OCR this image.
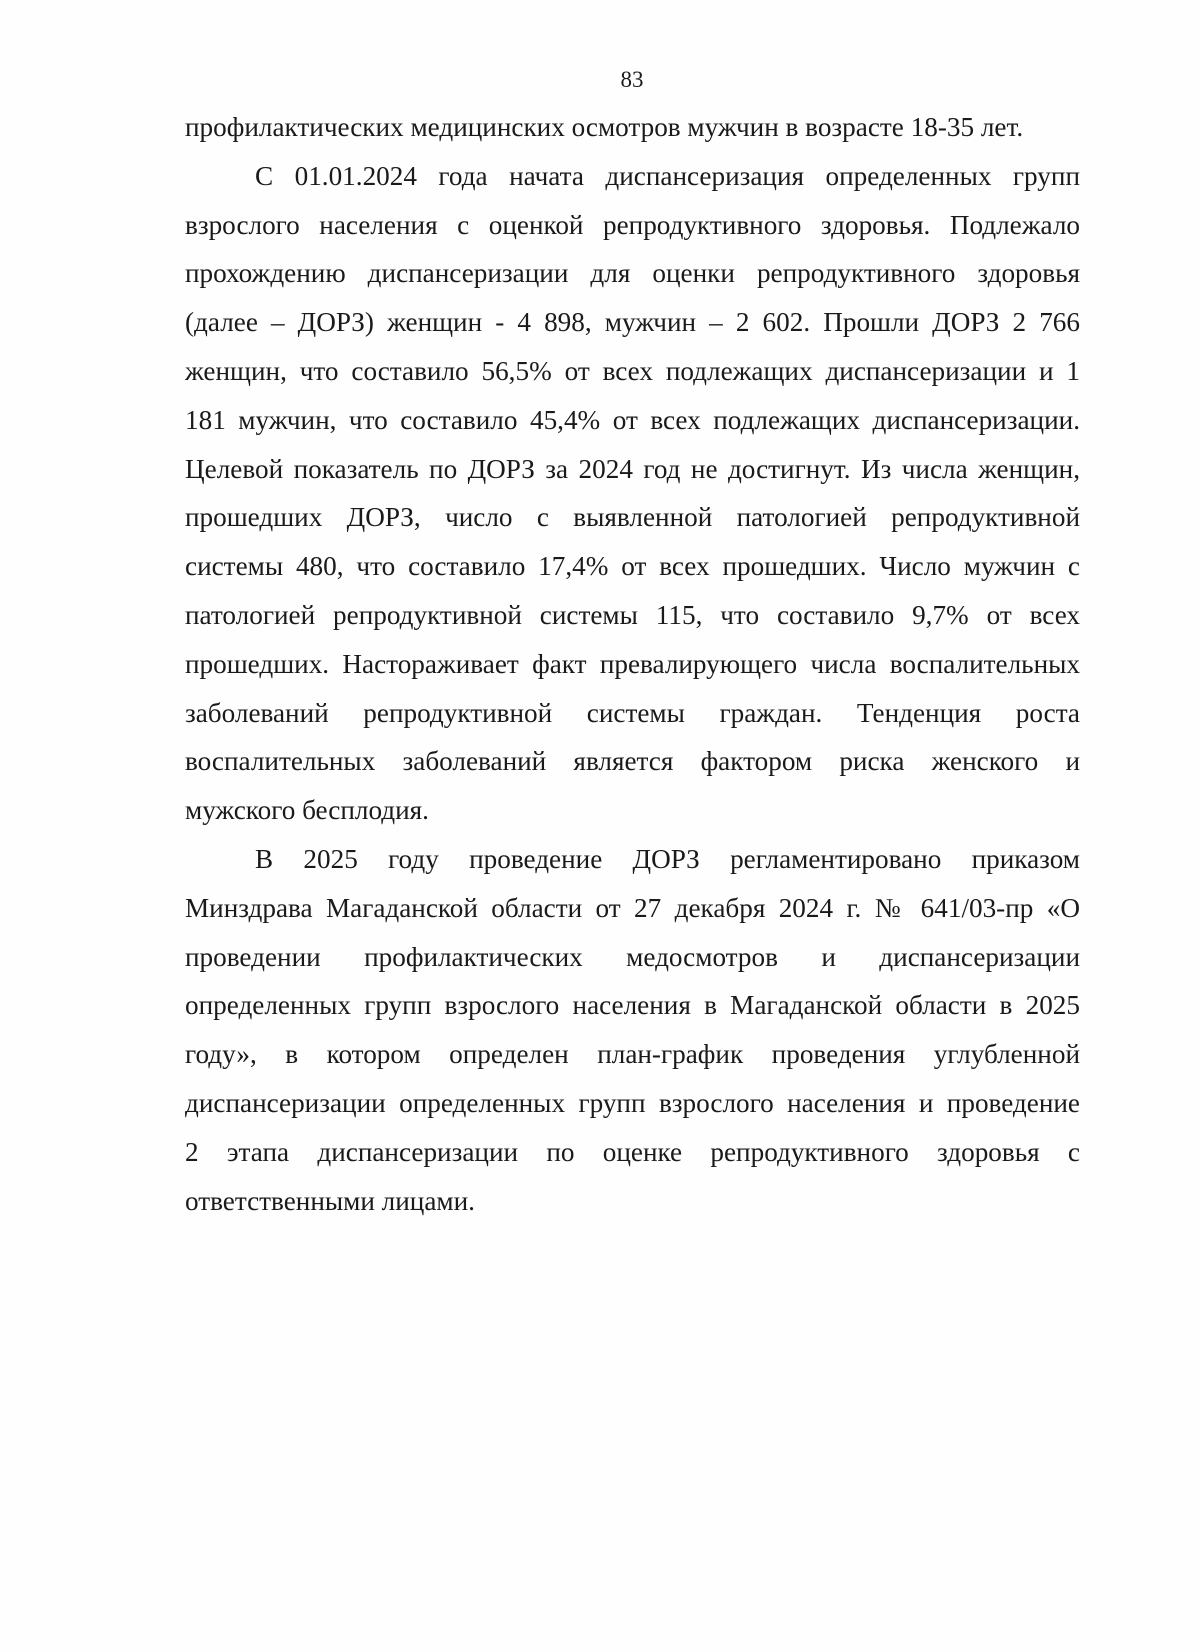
83
профилактических медицинских осмотров мужчин в возрасте 18-35 лет.
С 01.01.2024 года начата диспансеризация определенных групп
взрослого населения с оценкой репродуктивного здоровья. Подлежало
прохождению диспансеризации для оценки репродуктивного здоровья
(далее – ДОРЗ) женщин - 4 898, мужчин – 2 602. Прошли ДОРЗ 2 766
женщин, что составило 56,5% от всех подлежащих диспансеризации и 1
181 мужчин, что составило 45,4% от всех подлежащих диспансеризации.
Целевой показатель по ДОРЗ за 2024 год не достигнут. Из числа женщин,
прошедших ДОРЗ, число с выявленной патологией репродуктивной
системы 480, что составило 17,4% от всех прошедших. Число мужчин с
патологией репродуктивной системы 115, что составило 9,7% от всех
прошедших. Настораживает факт превалирующего числа воспалительных
заболеваний репродуктивной системы граждан. Тенденция роста
воспалительных заболеваний является фактором риска женского и
мужского бесплодия.
В 2025 году проведение ДОРЗ регламентировано приказом
Минздрава Магаданской области от 27 декабря 2024 г. № 641/03-пр «О
проведении профилактических медосмотров и диспансеризации
определенных групп взрослого населения в Магаданской области в 2025
году», в котором определен план-график проведения углубленной
диспансеризации определенных групп взрослого населения и проведение
2 этапа диспансеризации по оценке репродуктивного здоровья с
ответственными лицами.
